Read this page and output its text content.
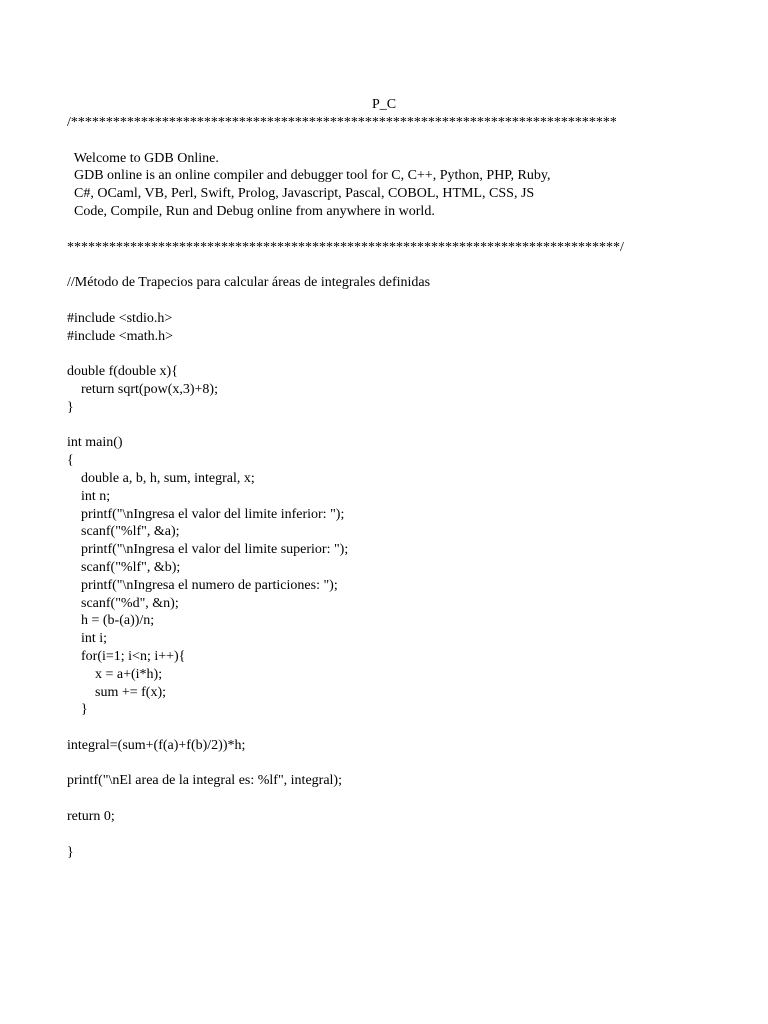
P_C
/******************************************************************************
Welcome to GDB Online.
GDB online is an online compiler and debugger tool for C, C++, Python, PHP, Ruby,
C#, OCaml, VB, Perl, Swift, Prolog, Javascript, Pascal, COBOL, HTML, CSS, JS
Code, Compile, Run and Debug online from anywhere in world.
*******************************************************************************/
//Método de Trapecios para calcular áreas de integrales definidas
#include <stdio.h>
#include <math.h>
double f(double x){
return sqrt(pow(x,3)+8);
}
int main()
{
double a, b, h, sum, integral, x;
int n;
printf("\nIngresa el valor del limite inferior: ");
scanf("%lf", &a);
printf("\nIngresa el valor del limite superior: ");
scanf("%lf", &b);
printf("\nIngresa el numero de particiones: ");
scanf("%d", &n);
h = (b-(a))/n;
int i;
for(i=1; i<n; i++){
x = a+(i*h);
sum += f(x);
}
integral=(sum+(f(a)+f(b)/2))*h;
printf("\nEl area de la integral es: %lf", integral);
return 0;
}
